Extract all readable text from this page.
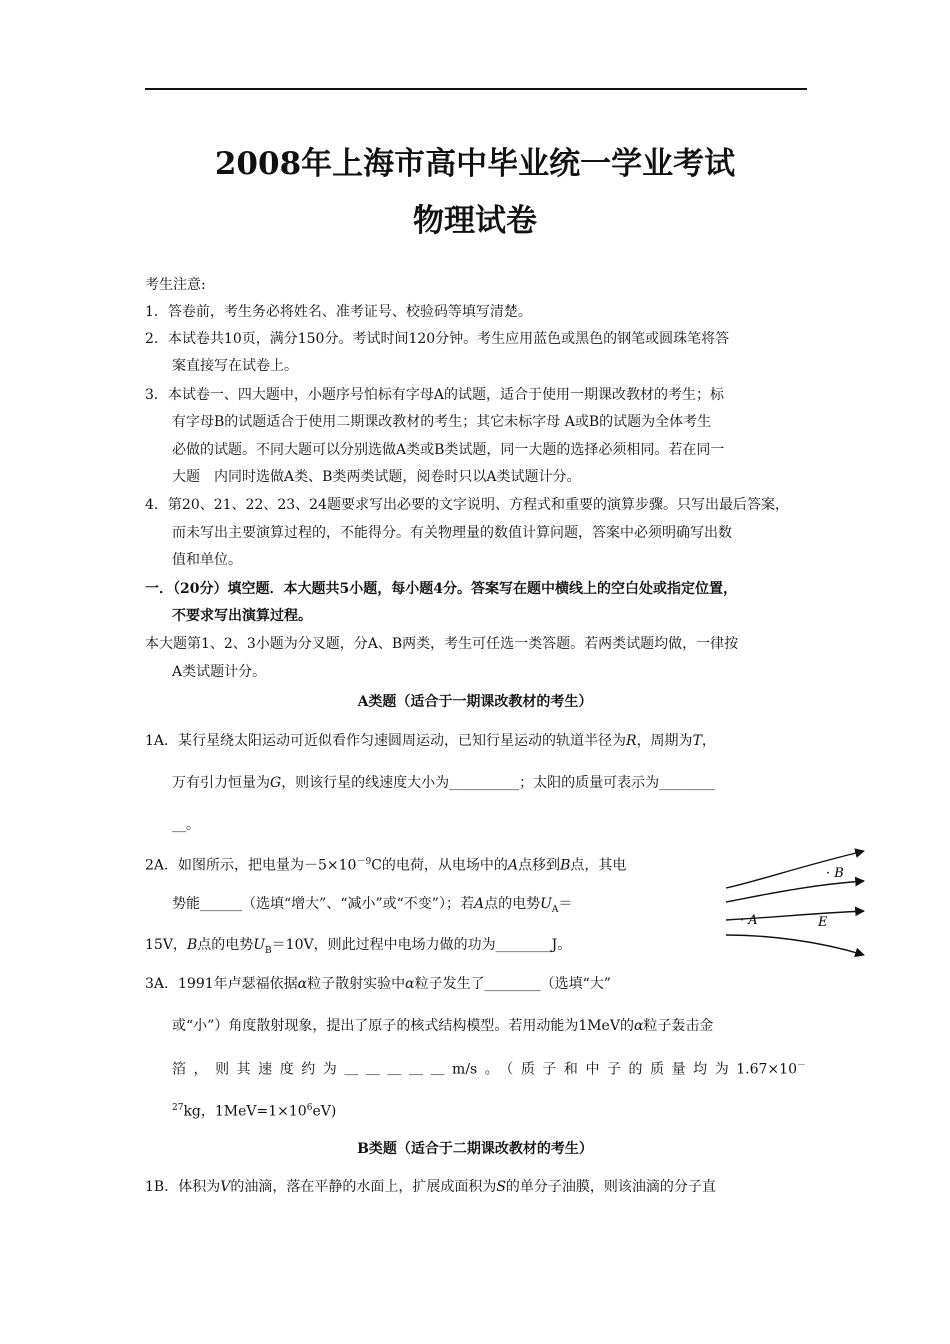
2008年上海市高中毕业统一学业考试
物理试卷
考生注意:
1．答卷前，考生务必将姓名、准考证号、校验码等填写清楚。
2．本试卷共10页，满分150分。考试时间120分钟。考生应用蓝色或黑色的钢笔或圆珠笔将答
案直接写在试卷上。
3．本试卷一、四大题中，小题序号怕标有字母A的试题，适合于使用一期课改教材的考生；标
有字母B的试题适合于使用二期课改教材的考生；其它未标字母 A或B的试题为全体考生
必做的试题。不同大题可以分别选做A类或B类试题，同一大题的选择必须相同。若在同一
大题　内同时选做A类、B类两类试题，阅卷时只以A类试题计分。
4．第20、21、22、23、24题要求写出必要的文字说明、方程式和重要的演算步骤。只写出最后答案，
而未写出主要演算过程的，不能得分。有关物理量的数值计算问题，答案中必须明确写出数
值和单位。
一．（20分）填空题．本大题共5小题，每小题4分。答案写在题中横线上的空白处或指定位置，
不要求写出演算过程。
本大题第1、2、3小题为分叉题，分A、B两类，考生可任选一类答题。若两类试题均做，一律按
A类试题计分。
A类题（适合于一期课改教材的考生）
1A．某行星绕太阳运动可近似看作匀速圆周运动，已知行星运动的轨道半径为R，周期为T，
万有引力恒量为G，则该行星的线速度大小为__________；太阳的质量可表示为________
__。
2A．如图所示，把电量为$-5\times 10^{-9}C$的电荷，从电场中的A点移到B点，其电
势能______（选填“增大”、“减小”或“不变”）；若A点的电势$U_A=$
15V，B点的电势$U_B=10V$，则此过程中电场力做的功为________J。
· B
· A	E
3A．1991年卢瑟福依据α粒子散射实验中α粒子发生了________（选填“大”
或“小”）角度散射现象，提出了原子的核式结构模型。若用动能为1MeV的α粒子轰击金
箔，则其速度约为＿＿＿＿＿m/s。（质子和中子的质量均为1.67×10－
$^{27}$kg，$1MeV=1\times 10^6eV$)
B类题（适合于二期课改教材的考生）
1B．体积为V的油滴，落在平静的水面上，扩展成面积为S的单分子油膜，则该油滴的分子直
